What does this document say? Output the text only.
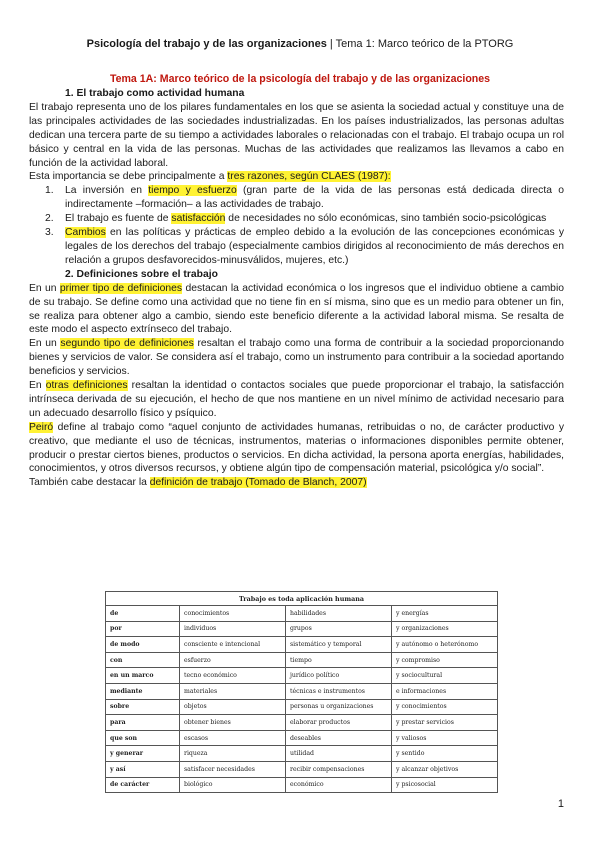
Psicología del trabajo y de las organizaciones | Tema 1: Marco teórico de la PTORG
Tema 1A: Marco teórico de la psicología del trabajo y de las organizaciones

1. El trabajo como actividad humana

El trabajo representa uno de los pilares fundamentales en los que se asienta la sociedad actual y constituye una de las principales actividades de las sociedades industrializadas. En los países industrializados, las personas adultas dedican una tercera parte de su tiempo a actividades laborales o relacionadas con el trabajo. El trabajo ocupa un rol básico y central en la vida de las personas. Muchas de las actividades que realizamos las llevamos a cabo en función de la actividad laboral.

Esta importancia se debe principalmente a tres razones, según CLAES (1987):

1. La inversión en tiempo y esfuerzo (gran parte de la vida de las personas está dedicada directa o indirectamente –formación– a las actividades de trabajo.
2. El trabajo es fuente de satisfacción de necesidades no sólo económicas, sino también socio-psicológicas
3. Cambios en las políticas y prácticas de empleo debido a la evolución de las concepciones económicas y legales de los derechos del trabajo (especialmente cambios dirigidos al reconocimiento de más derechos en relación a grupos desfavorecidos-minusválidos, mujeres, etc.)

2. Definiciones sobre el trabajo

En un primer tipo de definiciones destacan la actividad económica o los ingresos que el individuo obtiene a cambio de su trabajo. Se define como una actividad que no tiene fin en sí misma, sino que es un medio para obtener un fin, se realiza para obtener algo a cambio, siendo este beneficio diferente a la actividad laboral misma. Se resalta de este modo el aspecto extrínseco del trabajo.

En un segundo tipo de definiciones resaltan el trabajo como una forma de contribuir a la sociedad proporcionando bienes y servicios de valor. Se considera así el trabajo, como un instrumento para contribuir a la sociedad aportando beneficios y servicios.

En otras definiciones resaltan la identidad o contactos sociales que puede proporcionar el trabajo, la satisfacción intrínseca derivada de su ejecución, el hecho de que nos mantiene en un nivel mínimo de actividad necesario para un adecuado desarrollo físico y psíquico.

Peiró define al trabajo como “aquel conjunto de actividades humanas, retribuidas o no, de carácter productivo y creativo, que mediante el uso de técnicas, instrumentos, materias o informaciones disponibles permite obtener, producir o prestar ciertos bienes, productos o servicios. En dicha actividad, la persona aporta energías, habilidades, conocimientos, y otros diversos recursos, y obtiene algún tipo de compensación material, psicológica y/o social”.

También cabe destacar la definición de trabajo (Tomado de Blanch, 2007)

Trabajo es toda aplicación humana			
de	conocimientos	habilidades	y energías
por	individuos	grupos	y organizaciones
de modo	consciente e intencional	sistemático y temporal	y autónomo o heterónomo
con	esfuerzo	tiempo	y compromiso
en un marco	tecno económico	jurídico político	y sociocultural
mediante	materiales	técnicas e instrumentos	e informaciones
sobre	objetos	personas u organizaciones	y conocimientos
para	obtener bienes	elaborar productos	y prestar servicios
que son	escasos	deseables	y valiosos
y generar	riqueza	utilidad	y sentido
y así	satisfacer necesidades	recibir compensaciones	y alcanzar objetivos
de carácter	biológico	económico	y psicosocial
1
